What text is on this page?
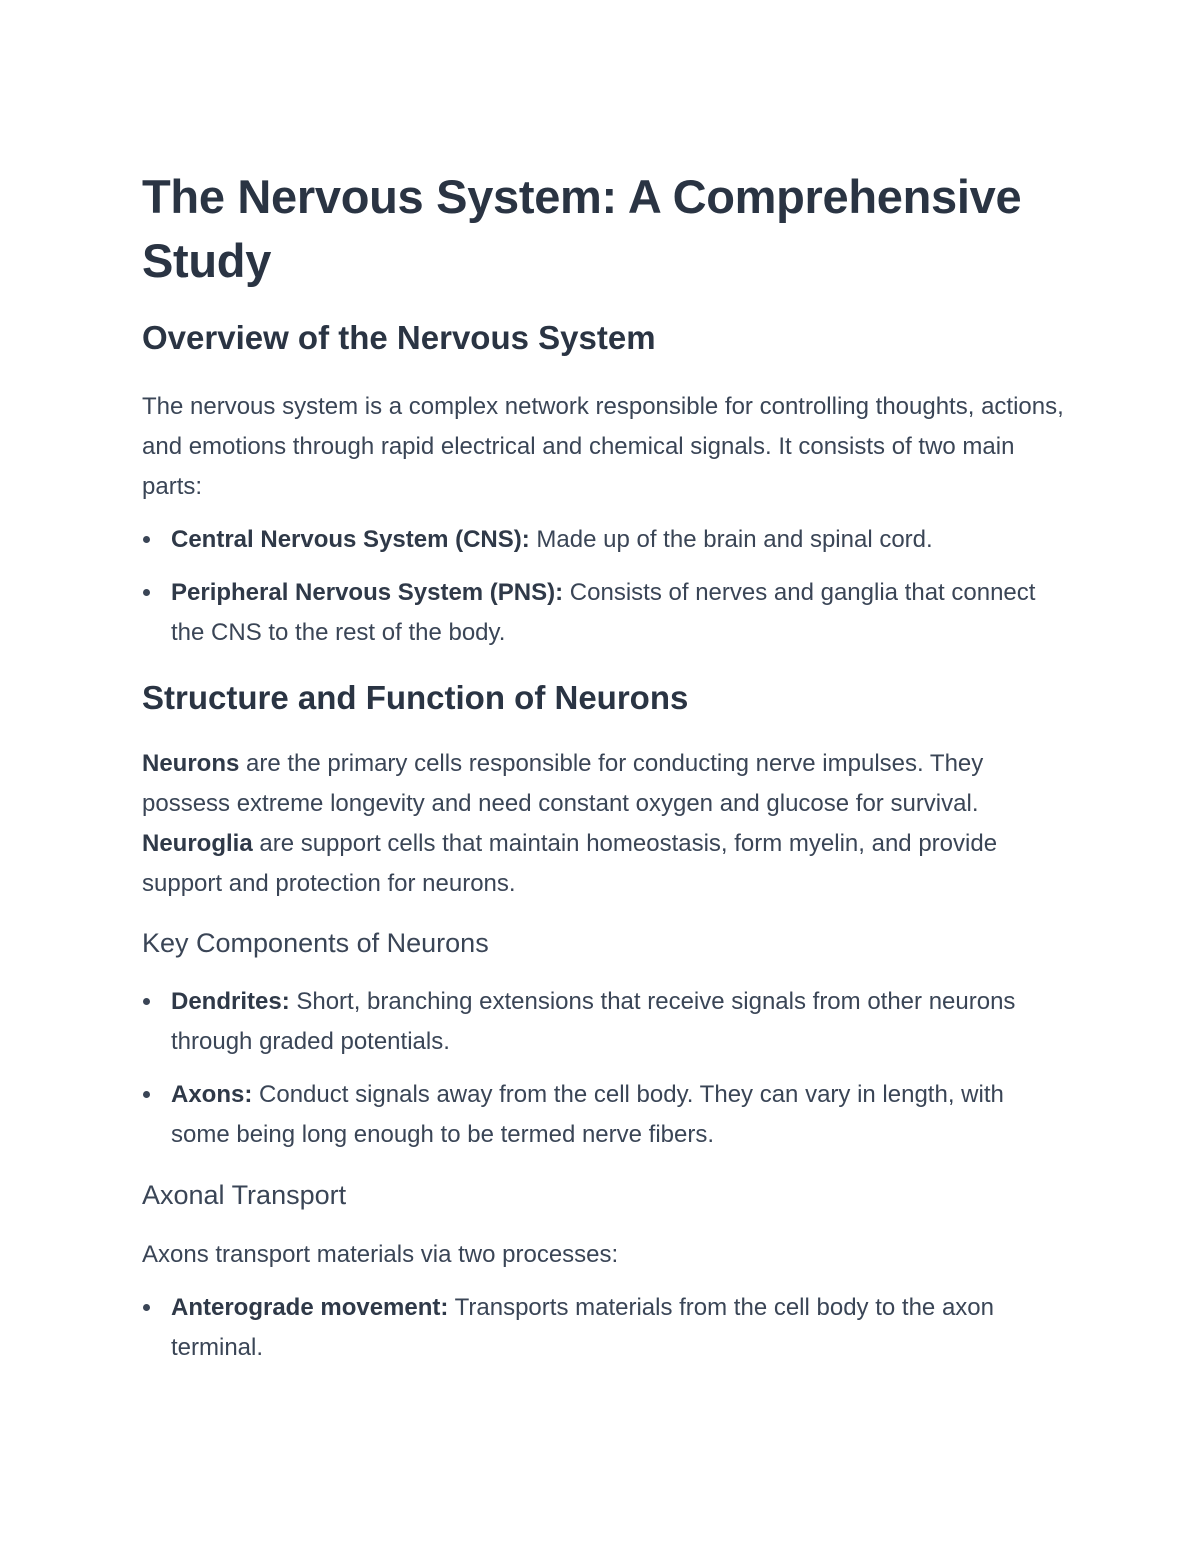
The Nervous System: A Comprehensive Study
Overview of the Nervous System

The nervous system is a complex network responsible for controlling thoughts, actions, and emotions through rapid electrical and chemical signals. It consists of two main parts:

Central Nervous System (CNS): Made up of the brain and spinal cord.
Peripheral Nervous System (PNS): Consists of nerves and ganglia that connect the CNS to the rest of the body.
Structure and Function of Neurons

Neurons are the primary cells responsible for conducting nerve impulses. They possess extreme longevity and need constant oxygen and glucose for survival. Neuroglia are support cells that maintain homeostasis, form myelin, and provide support and protection for neurons.

Key Components of Neurons
Dendrites: Short, branching extensions that receive signals from other neurons through graded potentials.
Axons: Conduct signals away from the cell body. They can vary in length, with some being long enough to be termed nerve fibers.
Axonal Transport

Axons transport materials via two processes:

Anterograde movement: Transports materials from the cell body to the axon terminal.
